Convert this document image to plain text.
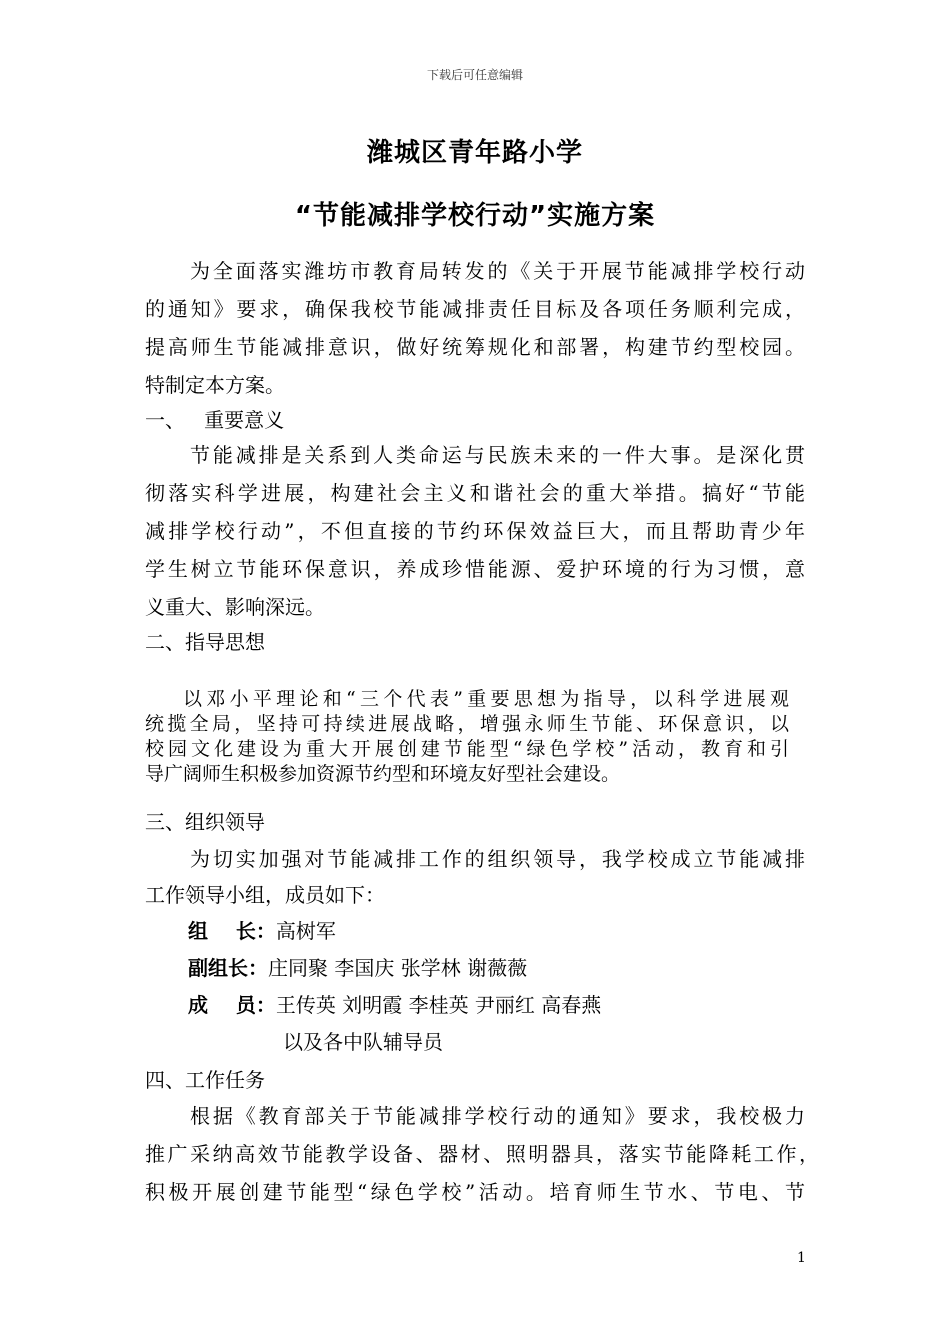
下载后可任意编辑
潍城区青年路小学
“节能减排学校行动”实施方案
为全面落实潍坊市教育局转发的《关于开展节能减排学校行动
的通知》要求，确保我校节能减排责任目标及各项任务顺利完成，
提高师生节能减排意识，做好统筹规化和部署，构建节约型校园。
特制定本方案。
一、   重要意义
节能减排是关系到人类命运与民族未来的一件大事。是深化贯
彻落实科学进展，构建社会主义和谐社会的重大举措。搞好“节能
减排学校行动”，不但直接的节约环保效益巨大，而且帮助青少年
学生树立节能环保意识，养成珍惜能源、爱护环境的行为习惯，意
义重大、影响深远。
二、指导思想
以邓小平理论和“三个代表”重要思想为指导，以科学进展观
统揽全局，坚持可持续进展战略，增强永师生节能、环保意识，以
校园文化建设为重大开展创建节能型“绿色学校”活动，教育和引
导广阔师生积极参加资源节约型和环境友好型社会建设。
三、组织领导
为切实加强对节能减排工作的组织领导，我学校成立节能减排
工作领导小组，成员如下：
组    长：高树军
副组长：庄同聚 李国庆 张学林 谢薇薇
成    员：王传英 刘明霞 李桂英 尹丽红 高春燕
以及各中队辅导员
四、工作任务
根据《教育部关于节能减排学校行动的通知》要求，我校极力
推广采纳高效节能教学设备、器材、照明器具，落实节能降耗工作，
积极开展创建节能型“绿色学校”活动。培育师生节水、节电、节
1
